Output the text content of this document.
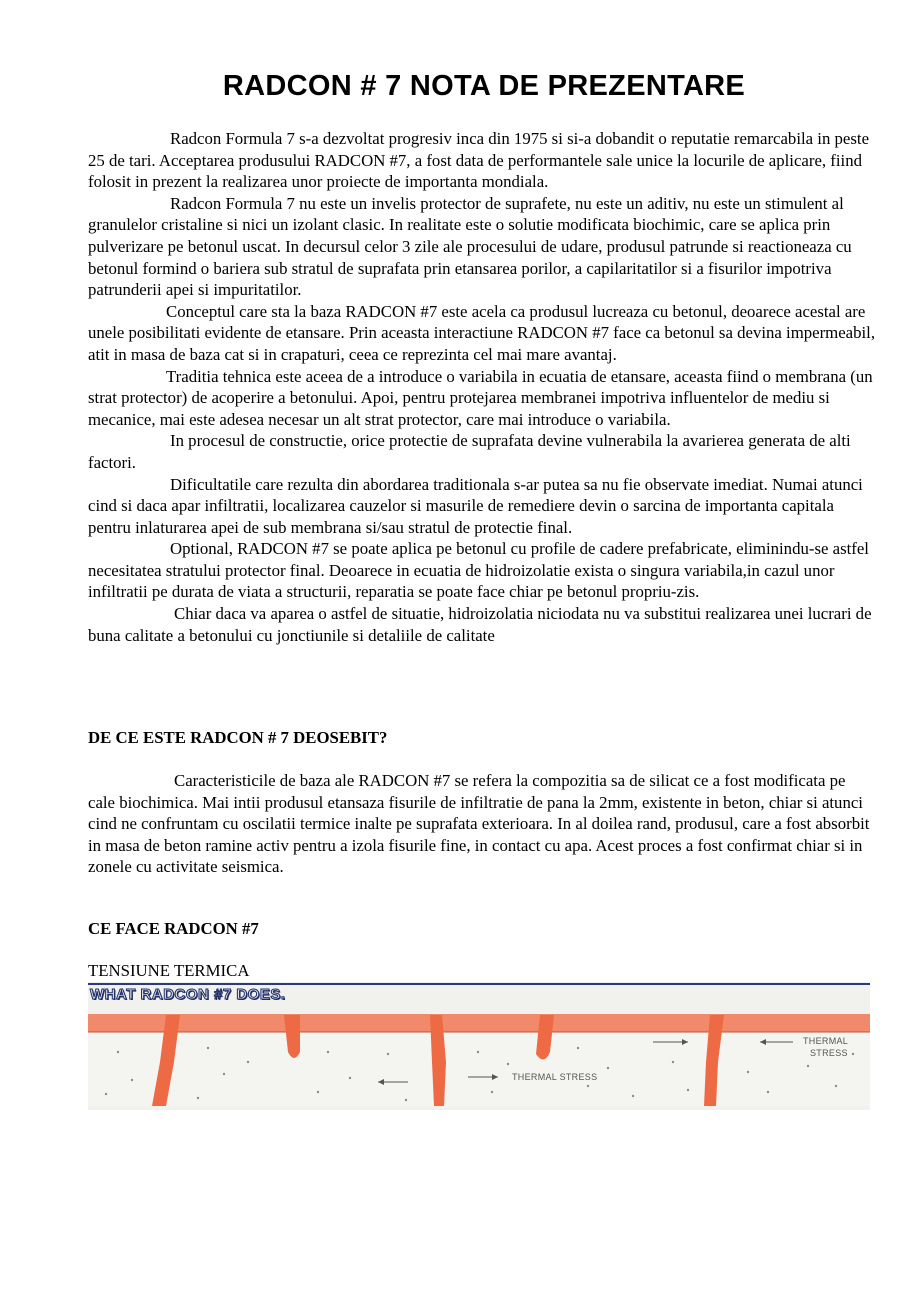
RADCON # 7 NOTA DE PREZENTARE

Radcon Formula 7 s-a dezvoltat progresiv inca din 1975 si si-a dobandit o reputatie remarcabila in peste 25 de tari. Acceptarea produsului RADCON #7, a fost data de performantele sale unice la locurile de aplicare, fiind folosit in prezent la realizarea unor proiecte de importanta mondiala.

Radcon Formula 7 nu este un invelis protector de suprafete, nu este un aditiv, nu este un stimulent al granulelor cristaline si nici un izolant clasic. In realitate este o solutie modificata biochimic, care se aplica prin pulverizare pe betonul uscat. In decursul celor 3 zile ale procesului de udare, produsul patrunde si reactioneaza cu betonul formind o bariera sub stratul de suprafata prin etansarea porilor, a capilaritatilor si a fisurilor impotriva patrunderii apei si impuritatilor.

Conceptul care sta la baza RADCON #7 este acela ca produsul lucreaza cu betonul, deoarece acestal are unele posibilitati evidente de etansare. Prin aceasta interactiune RADCON #7 face ca betonul sa devina impermeabil, atit in masa de baza cat si in crapaturi, ceea ce reprezinta cel mai mare avantaj.

Traditia tehnica este aceea de a introduce o variabila in ecuatia de etansare, aceasta fiind o membrana (un strat protector) de acoperire a betonului. Apoi, pentru protejarea membranei impotriva influentelor de mediu si mecanice, mai este adesea necesar un alt strat protector, care mai introduce o variabila.

In procesul de constructie, orice protectie de suprafata devine vulnerabila la avarierea generata de alti factori.

Dificultatile care rezulta din abordarea traditionala s-ar putea sa nu fie observate imediat. Numai atunci cind si daca apar infiltratii, localizarea cauzelor si masurile de remediere devin o sarcina de importanta capitala pentru inlaturarea apei de sub membrana si/sau stratul de protectie final.

Optional, RADCON #7 se poate aplica pe betonul cu profile de cadere prefabricate, eliminindu-se astfel necesitatea stratului protector final. Deoarece in ecuatia de hidroizolatie exista o singura variabila,in cazul unor infiltratii pe durata de viata a structurii, reparatia se poate face chiar pe betonul propriu-zis.

Chiar daca va aparea o astfel de situatie, hidroizolatia niciodata nu va substitui realizarea unei lucrari de buna calitate a betonului cu jonctiunile si detaliile de calitate

DE CE ESTE RADCON # 7 DEOSEBIT?

Caracteristicile de baza ale RADCON #7 se refera la compozitia sa de silicat ce a fost modificata pe cale biochimica. Mai intii produsul etansaza fisurile de infiltratie de pana la 2mm, existente in beton, chiar si atunci cind ne confruntam cu oscilatii termice inalte pe suprafata exterioara. In al doilea rand, produsul, care a fost absorbit in masa de beton ramine activ pentru a izola fisurile fine, in contact cu apa. Acest proces a fost confirmat chiar si in zonele cu activitate seismica.

CE FACE RADCON #7
TENSIUNE TERMICA
WHAT RADCON #7 DOES.
THERMAL STRESS
THERMAL
STRESS
